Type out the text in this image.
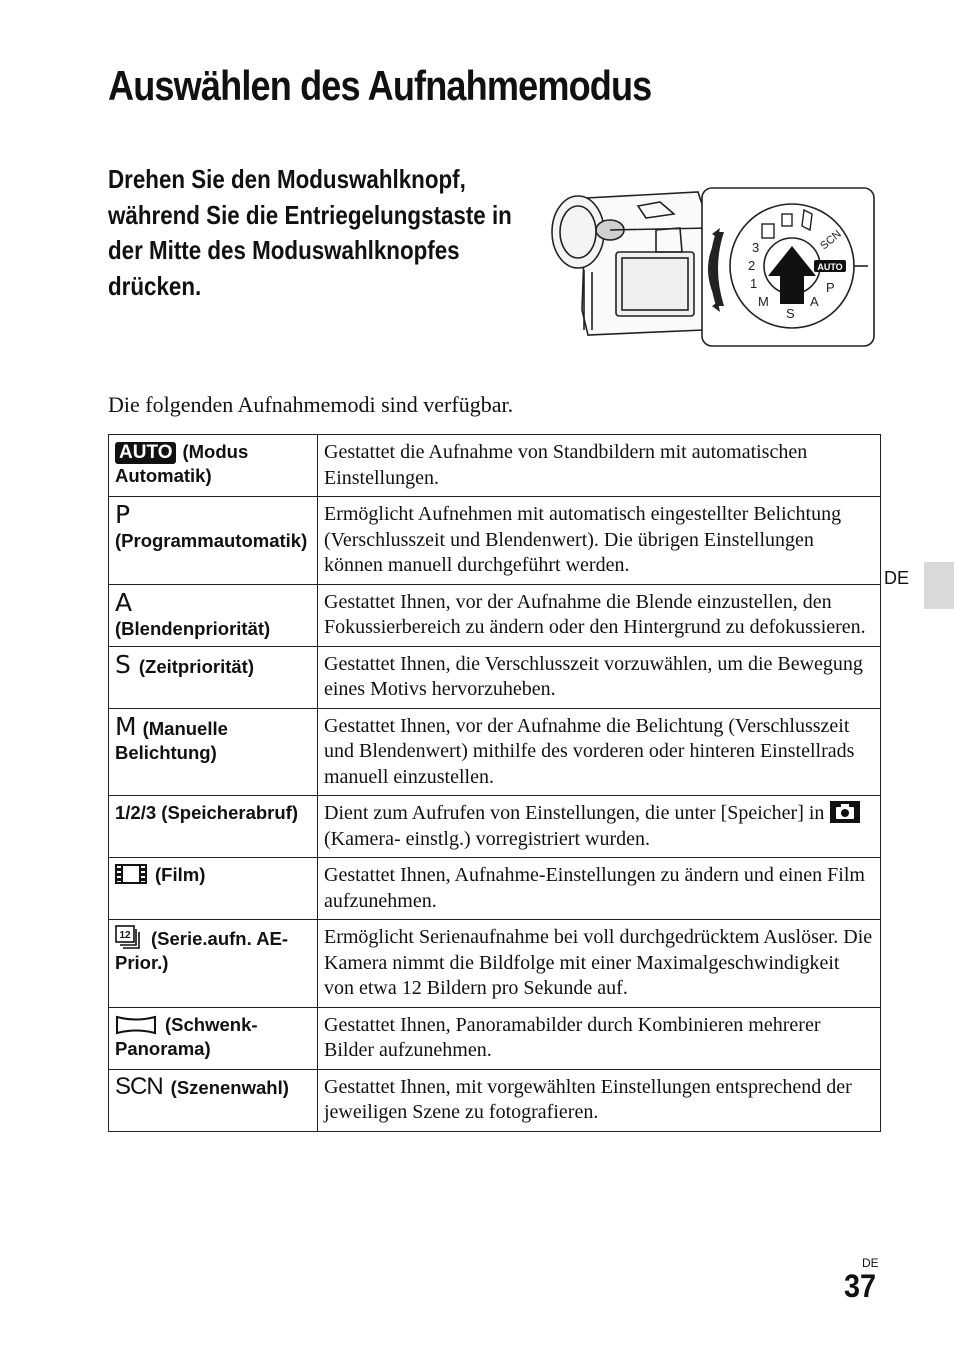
Auswählen des Aufnahmemodus

Drehen Sie den Moduswahlknopf, während Sie die Entriegelungstaste in der Mitte des Moduswahlknopfes drücken.

AUTO
SCN
P
A
S
M
1
2
3

Die folgenden Aufnahmemodi sind verfügbar.

DE
AUTO (Modus Automatik)	Gestattet die Aufnahme von Standbildern mit automatischen Einstellungen.
P
(Programmautomatik)	Ermöglicht Aufnehmen mit automatisch eingestellter Belichtung (Verschlusszeit und Blendenwert). Die übrigen Einstellungen können manuell durchgeführt werden.
A
(Blendenpriorität)	Gestattet Ihnen, vor der Aufnahme die Blende einzustellen, den Fokussierbereich zu ändern oder den Hintergrund zu defokussieren.
S (Zeitpriorität)	Gestattet Ihnen, die Verschlusszeit vorzuwählen, um die Bewegung eines Motivs hervorzuheben.
M (Manuelle Belichtung)	Gestattet Ihnen, vor der Aufnahme die Belichtung (Verschlusszeit und Blendenwert) mithilfe des vorderen oder hinteren Einstellrads manuell einzustellen.
1/2/3 (Speicherabruf)	Dient zum Aufrufen von Einstellungen, die unter [Speicher] in(Kamera- einstlg.) vorregistriert wurden.
(Film)	Gestattet Ihnen, Aufnahme-Einstellungen zu ändern und einen Film aufzunehmen.

12 (Serie.aufn. AE-Prior.)	Ermöglicht Serienaufnahme bei voll durchgedrücktem Auslöser. Die Kamera nimmt die Bildfolge mit einer Maximalgeschwindigkeit von etwa 12 Bildern pro Sekunde auf.
(Schwenk-Panorama)	Gestattet Ihnen, Panoramabilder durch Kombinieren mehrerer Bilder aufzunehmen.
SCN (Szenenwahl)	Gestattet Ihnen, mit vorgewählten Einstellungen entsprechend der jeweiligen Szene zu fotografieren.
DE
37
